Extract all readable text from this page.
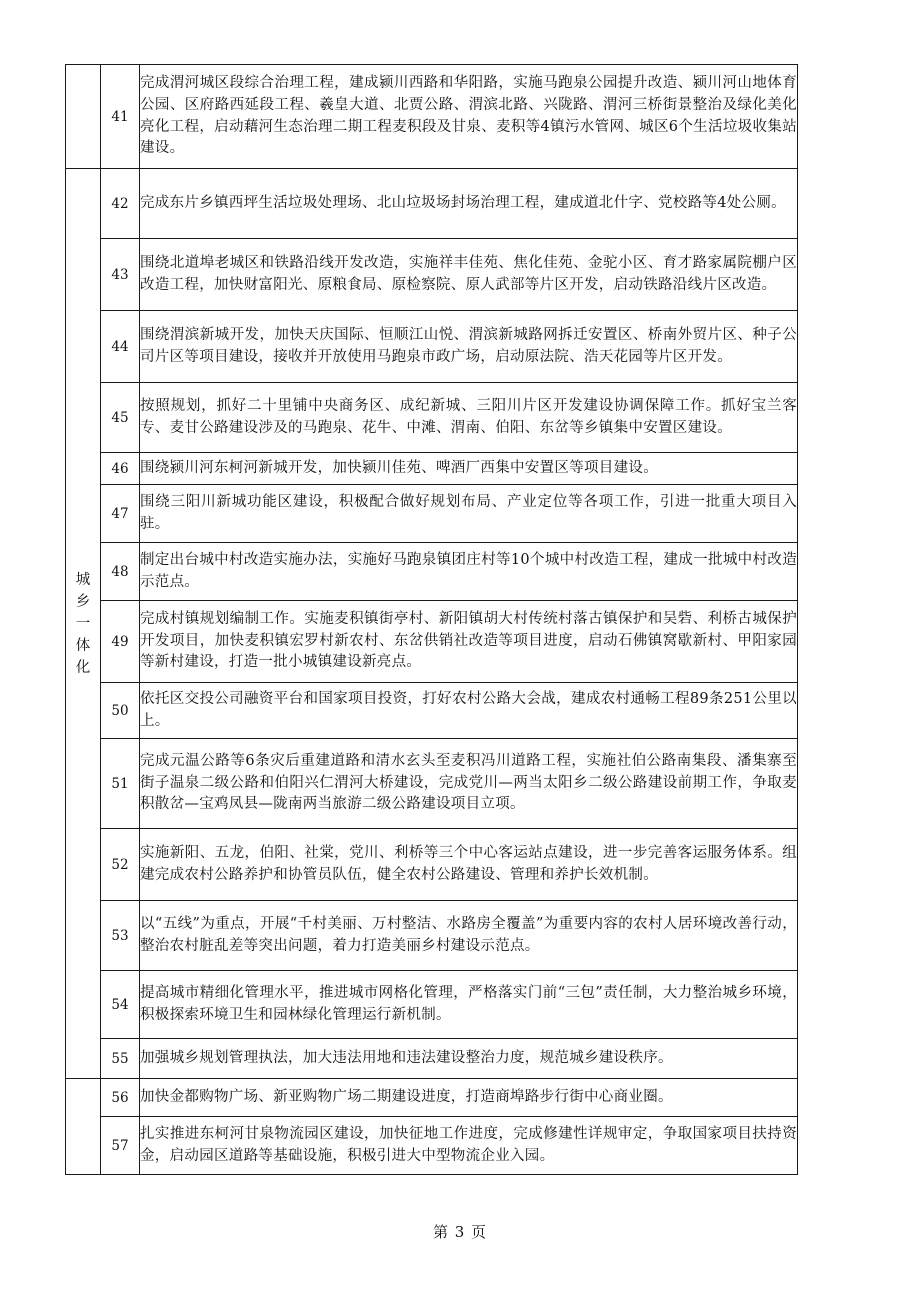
	41	完成渭河城区段综合治理工程，建成颍川西路和华阳路，实施马跑泉公园提升改造、颍川河山地体育公园、区府路西延段工程、羲皇大道、北贾公路、渭滨北路、兴陇路、渭河三桥街景整治及绿化美化亮化工程，启动藉河生态治理二期工程麦积段及甘泉、麦积等4镇污水管网、城区6个生活垃圾收集站建设。
城乡一体化	42	完成东片乡镇西坪生活垃圾处理场、北山垃圾场封场治理工程，建成道北什字、党校路等4处公厕。
	43	围绕北道埠老城区和铁路沿线开发改造，实施祥丰佳苑、焦化佳苑、金驼小区、育才路家属院棚户区改造工程，加快财富阳光、原粮食局、原检察院、原人武部等片区开发，启动铁路沿线片区改造。
	44	围绕渭滨新城开发，加快天庆国际、恒顺江山悦、渭滨新城路网拆迁安置区、桥南外贸片区、种子公司片区等项目建设，接收并开放使用马跑泉市政广场，启动原法院、浩天花园等片区开发。
	45	按照规划，抓好二十里铺中央商务区、成纪新城、三阳川片区开发建设协调保障工作。抓好宝兰客专、麦甘公路建设涉及的马跑泉、花牛、中滩、渭南、伯阳、东岔等乡镇集中安置区建设。
	46	围绕颍川河东柯河新城开发，加快颍川佳苑、啤酒厂西集中安置区等项目建设。
	47	围绕三阳川新城功能区建设，积极配合做好规划布局、产业定位等各项工作，引进一批重大项目入驻。
	48	制定出台城中村改造实施办法，实施好马跑泉镇团庄村等10个城中村改造工程，建成一批城中村改造示范点。
	49	完成村镇规划编制工作。实施麦积镇街亭村、新阳镇胡大村传统村落古镇保护和吴砦、利桥古城保护开发项目，加快麦积镇宏罗村新农村、东岔供销社改造等项目进度，启动石佛镇窝歇新村、甲阳家园等新村建设，打造一批小城镇建设新亮点。
	50	依托区交投公司融资平台和国家项目投资，打好农村公路大会战，建成农村通畅工程89条251公里以上。
	51	完成元温公路等6条灾后重建道路和清水玄头至麦积冯川道路工程，实施社伯公路南集段、潘集寨至街子温泉二级公路和伯阳兴仁渭河大桥建设，完成党川—两当太阳乡二级公路建设前期工作，争取麦积散岔—宝鸡凤县—陇南两当旅游二级公路建设项目立项。
	52	实施新阳、五龙，伯阳、社棠，党川、利桥等三个中心客运站点建设，进一步完善客运服务体系。组建完成农村公路养护和协管员队伍，健全农村公路建设、管理和养护长效机制。
	53	以“五线”为重点，开展“千村美丽、万村整洁、水路房全覆盖”为重要内容的农村人居环境改善行动，整治农村脏乱差等突出问题，着力打造美丽乡村建设示范点。
	54	提高城市精细化管理水平，推进城市网格化管理，严格落实门前“三包”责任制，大力整治城乡环境，积极探索环境卫生和园林绿化管理运行新机制。
	55	加强城乡规划管理执法，加大违法用地和违法建设整治力度，规范城乡建设秩序。
	56	加快金都购物广场、新亚购物广场二期建设进度，打造商埠路步行街中心商业圈。
	57	扎实推进东柯河甘泉物流园区建设，加快征地工作进度，完成修建性详规审定，争取国家项目扶持资金，启动园区道路等基础设施，积极引进大中型物流企业入园。
第 3 页
